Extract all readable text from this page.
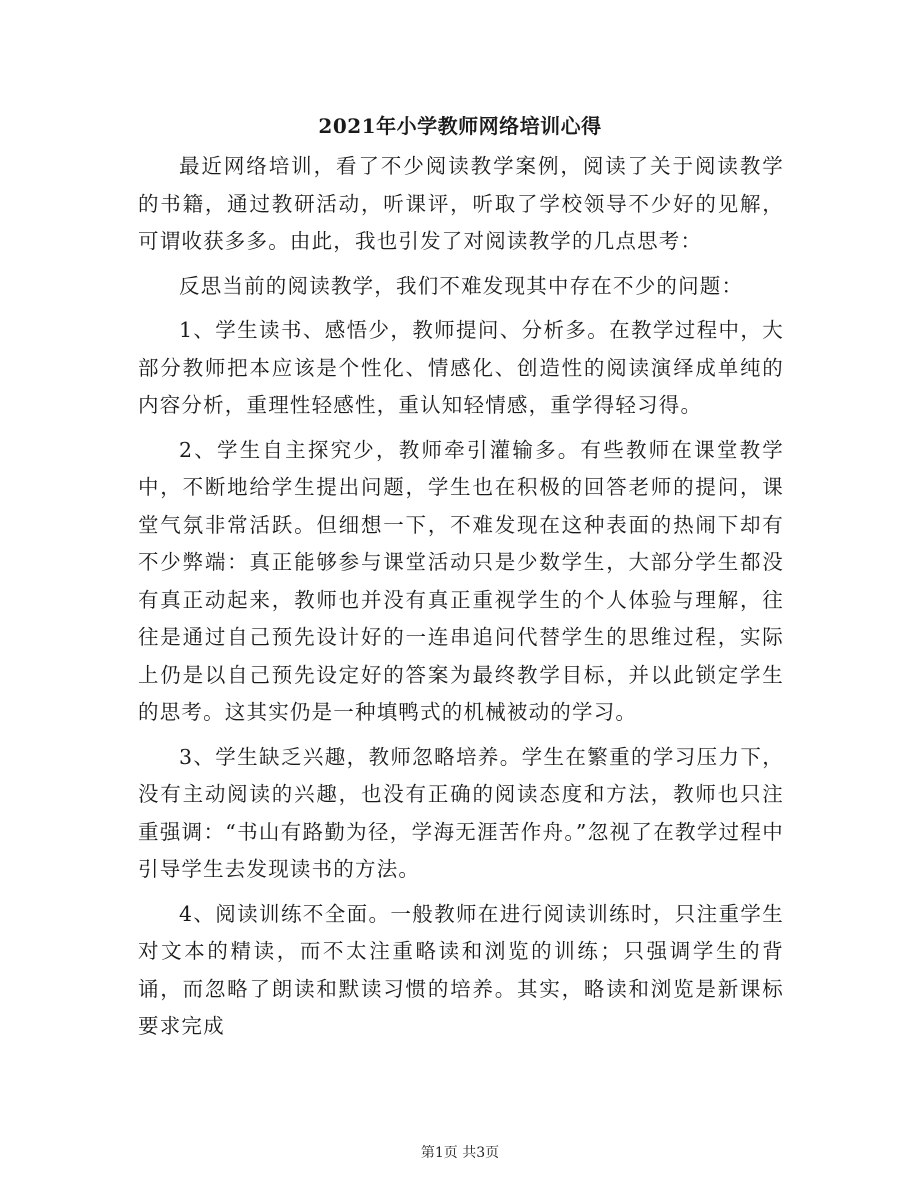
2021年小学教师网络培训心得

最近网络培训，看了不少阅读教学案例，阅读了关于阅读教学的书籍，通过教研活动，听课评，听取了学校领导不少好的见解，可谓收获多多。由此，我也引发了对阅读教学的几点思考：

反思当前的阅读教学，我们不难发现其中存在不少的问题：

1、学生读书、感悟少，教师提问、分析多。在教学过程中，大部分教师把本应该是个性化、情感化、创造性的阅读演绎成单纯的内容分析，重理性轻感性，重认知轻情感，重学得轻习得。

2、学生自主探究少，教师牵引灌输多。有些教师在课堂教学中，不断地给学生提出问题，学生也在积极的回答老师的提问，课堂气氛非常活跃。但细想一下，不难发现在这种表面的热闹下却有不少弊端：真正能够参与课堂活动只是少数学生，大部分学生都没有真正动起来，教师也并没有真正重视学生的个人体验与理解，往往是通过自己预先设计好的一连串追问代替学生的思维过程，实际上仍是以自己预先设定好的答案为最终教学目标，并以此锁定学生的思考。这其实仍是一种填鸭式的机械被动的学习。

3、学生缺乏兴趣，教师忽略培养。学生在繁重的学习压力下，没有主动阅读的兴趣，也没有正确的阅读态度和方法，教师也只注重强调：“书山有路勤为径，学海无涯苦作舟。”忽视了在教学过程中引导学生去发现读书的方法。

4、阅读训练不全面。一般教师在进行阅读训练时，只注重学生对文本的精读，而不太注重略读和浏览的训练；只强调学生的背诵，而忽略了朗读和默读习惯的培养。其实，略读和浏览是新课标要求完成

第1页 共3页
